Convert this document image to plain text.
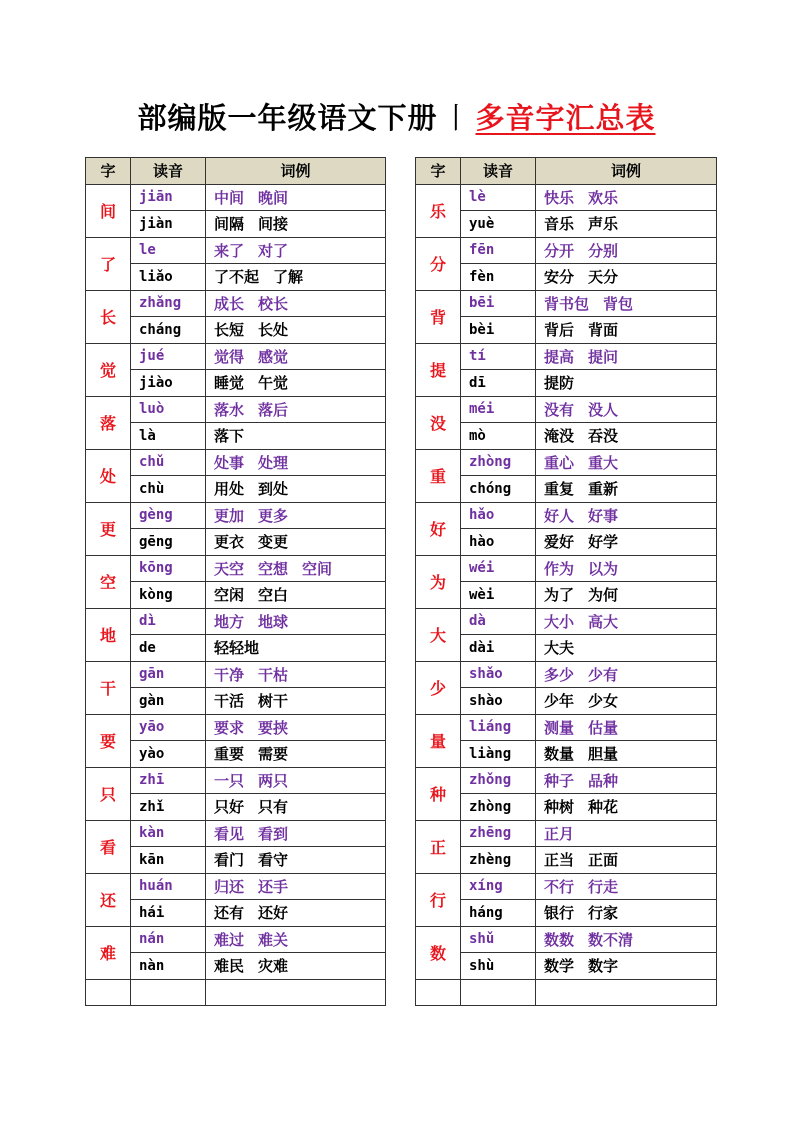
部编版一年级语文下册 丨 多音字汇总表
字	读音	词例
间	jiān	中间 晚间
	jiàn	间隔 间接
了	le	来了 对了
	liǎo	了不起 了解
长	zhǎng	成长 校长
	cháng	长短 长处
觉	jué	觉得 感觉
	jiào	睡觉 午觉
落	luò	落水 落后
	là	落下
处	chǔ	处事 处理
	chù	用处 到处
更	gèng	更加 更多
	gēng	更衣 变更
空	kōng	天空 空想 空间
	kòng	空闲 空白
地	dì	地方 地球
	de	轻轻地
干	gān	干净 干枯
	gàn	干活 树干
要	yāo	要求 要挟
	yào	重要 需要
只	zhī	一只 两只
	zhǐ	只好 只有
看	kàn	看见 看到
	kān	看门 看守
还	huán	归还 还手
	hái	还有 还好
难	nán	难过 难关
	nàn	难民 灾难

字	读音	词例
乐	lè	快乐 欢乐
	yuè	音乐 声乐
分	fēn	分开 分别
	fèn	安分 天分
背	bēi	背书包 背包
	bèi	背后 背面
提	tí	提高 提问
	dī	提防
没	méi	没有 没人
	mò	淹没 吞没
重	zhòng	重心 重大
	chóng	重复 重新
好	hǎo	好人 好事
	hào	爱好 好学
为	wéi	作为 以为
	wèi	为了 为何
大	dà	大小 高大
	dài	大夫
少	shǎo	多少 少有
	shào	少年 少女
量	liáng	测量 估量
	liàng	数量 胆量
种	zhǒng	种子 品种
	zhòng	种树 种花
正	zhēng	正月
	zhèng	正当 正面
行	xíng	不行 行走
	háng	银行 行家
数	shǔ	数数 数不清
	shù	数学 数字
